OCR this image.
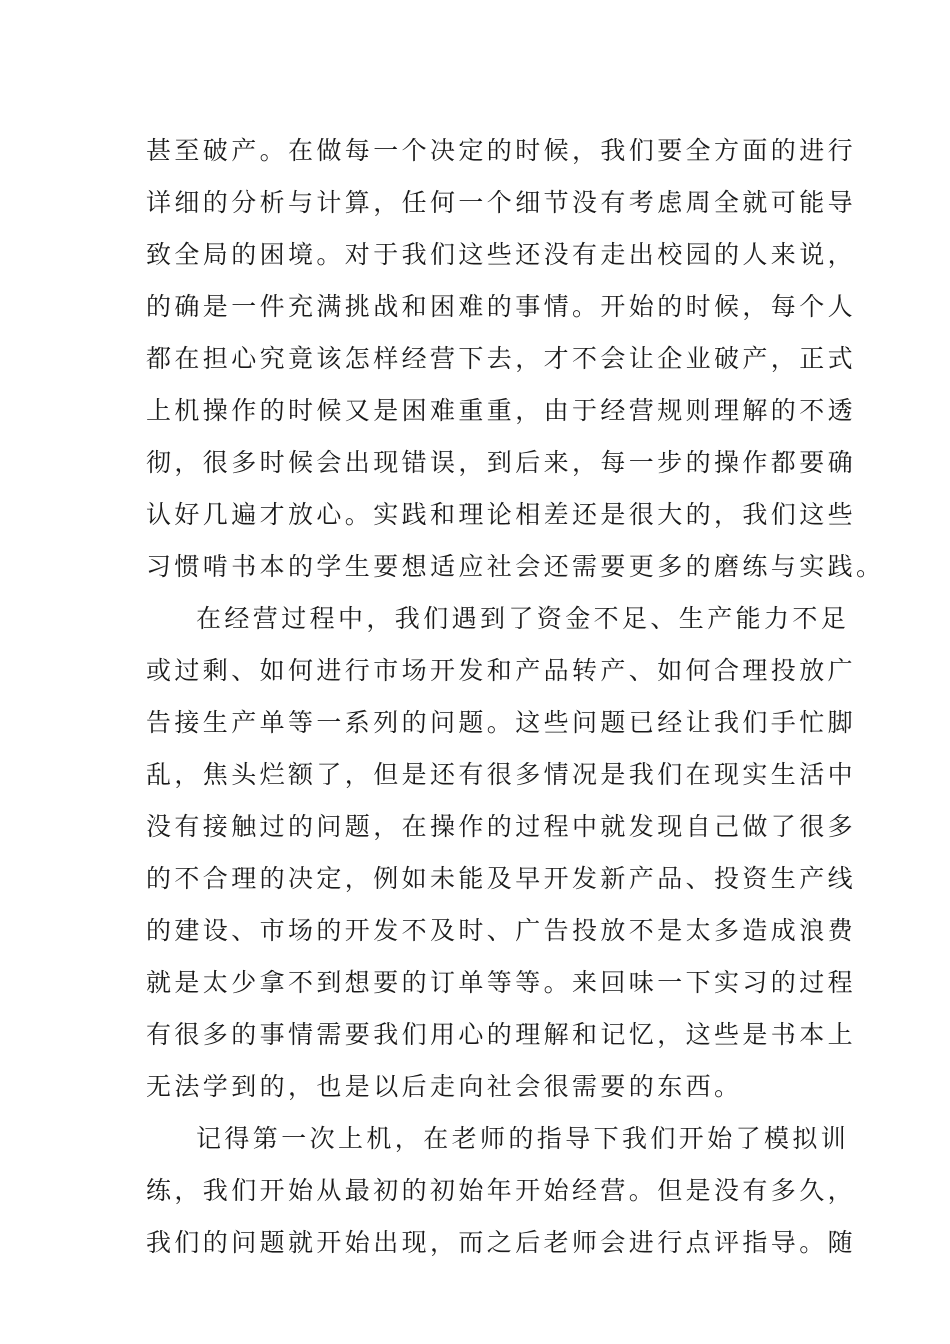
甚至破产。在做每一个决定的时候，我们要全方面的进行
详细的分析与计算，任何一个细节没有考虑周全就可能导
致全局的困境。对于我们这些还没有走出校园的人来说，
的确是一件充满挑战和困难的事情。开始的时候，每个人
都在担心究竟该怎样经营下去，才不会让企业破产，正式
上机操作的时候又是困难重重，由于经营规则理解的不透
彻，很多时候会出现错误，到后来，每一步的操作都要确
认好几遍才放心。实践和理论相差还是很大的，我们这些
习惯啃书本的学生要想适应社会还需要更多的磨练与实践。
在经营过程中，我们遇到了资金不足、生产能力不足
或过剩、如何进行市场开发和产品转产、如何合理投放广
告接生产单等一系列的问题。这些问题已经让我们手忙脚
乱，焦头烂额了，但是还有很多情况是我们在现实生活中
没有接触过的问题，在操作的过程中就发现自己做了很多
的不合理的决定，例如未能及早开发新产品、投资生产线
的建设、市场的开发不及时、广告投放不是太多造成浪费
就是太少拿不到想要的订单等等。来回味一下实习的过程
有很多的事情需要我们用心的理解和记忆，这些是书本上
无法学到的，也是以后走向社会很需要的东西。
记得第一次上机，在老师的指导下我们开始了模拟训
练，我们开始从最初的初始年开始经营。但是没有多久，
我们的问题就开始出现，而之后老师会进行点评指导。随
